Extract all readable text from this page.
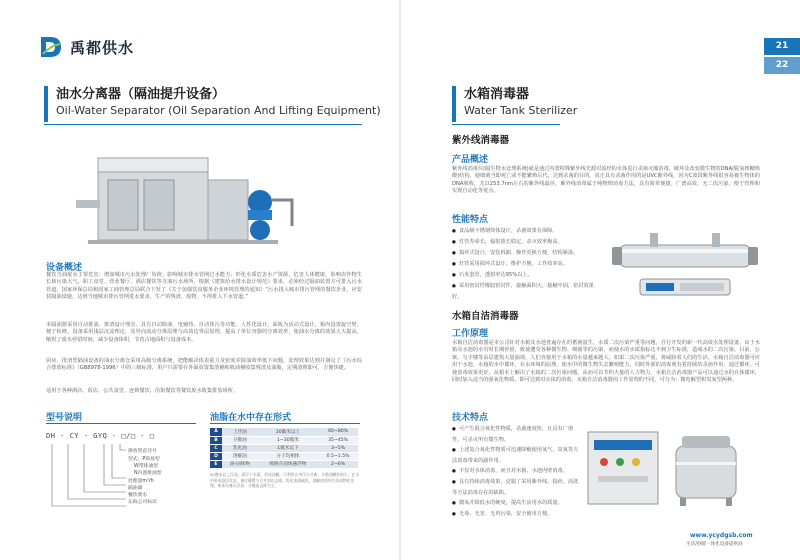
禹都供水
油水分离器（隔油提升设备）
Oil-Water Separator (Oil Separation And Lifting Equipment)
设备概述
餐饮含油废水主要危害：增加城市污水处理厂负荷；影响城市排水管网过水能力；形化水质危害水产资源，危害人体健康，影响农作物生长和污染大气。职工食堂、营业餐厅、酒店餐饮等含油污水场所，根据《建筑给水排水设计规范》要求，必须经过隔油装置方可排入污水管道。国家环保总局和国家工商管理总局联合下发了《关于加强饮食服务企业环境管理的通知》“污水排入城市排污管网的餐饮企业，应安装隔油设施，达到当地城市排污管网进水要求，生产的残渣、废物，不得排入下水管道。”
本隔油器采用自动排油、排渣设计理念，具有自动除油、电辅热、自动排污等功能。人性化设计，面板为活动式设计，箱内设置旋空壁，便于检修。设备采用浅层沉淀理论，及异向流动分离原理与高效边界层原理，提高了单位容器的分离效率，使油水分离的效果大大提高，缩短了废水停留时间，减少设备体积，节省占地面积与设备成本。
厨房、排渣型隔油设备的油水分离仓采用高级分离系统，把能解决体表重力及密度差除油效率低下问题，处理效果达到并满足了《污水综合排放标准》（GB8978-1996）中的三级标准，用户只需要在外面放置集渣桶和收油桶收集残渣及油脂，定期清理即可，方便快捷。
适用于各种酒店、饭店、公共食堂、连锁餐饮、沿街餐饮等餐饮废水收集排放场所。
型号说明
DH - CY - GYQ - □/□ - □
排放管直径号
型式：P简易型
W带排油型
N内置排油型
处理量m³/h
隔油器
餐饮废水
东海公司标识
油脂在水中存在形式
A	上浮油	30徽米以上	60~80%
B	分散油	1~30微米	35~45%
C	乳化油	1微米以下	3~5%
D	溶解油	分子均相体	0.5~1.5%
E	油-固体物	吸附在固体悬浮物	2~6%
30微米以上浮油，漂浮于水面，形成油膜，可利用自身浮力分离；分散油颗粒较小，在水中形成悬浮状态，通过静置与合并加以去除；乳化油需破乳，溶解油须经生化或物化处理，故本设备以浮油、分散油去除为主。
21
22
水箱消毒器
Water Tank Sterilizer
紫外线消毒器
产品概述
紫外线消毒仪(隔生物水处理系统)就是通过内置特殊紫外线光源对流经的水体进行杀菌灭藻消毒。破坏及改变微生物的DNA(脱氧核糖核酸)结构，使细菌当即死亡或不能繁殖后代，达到杀菌的目的。真正具有杀菌作用的是UVC紫外线，因为C波段紫外线很容易被生物体的DNA吸收，尤以253.7nm左右的紫外线最佳。紫外线消毒属于纯物理消毒方法，具有简单便捷、广谱高效、无二次污染、便于管理和实现自动化等优点。
性能特点
● 食品级不锈钢筒体设计，杀菌效果有保障。
● 灯管寿命长，辐射波长稳定，杀灭效率极高。
● 损坏式设计，安装拆卸、操作更换方便，结构紧凑。
● 灯管采用损坏式设计，维护方便，工作效率高。
● 石英套管，透射率达95%以上。
● 采用密封性橡胶密封件，接触面积大，接触牢固，密封效果好。
水箱自洁消毒器
工作原理
水箱自洁消毒器是本公司针对水箱及水池普遍存在的蓄菌滋生、水质二次污染严重等问题，自行开发的新一代高效水处理设备。由于水箱及水池的水有时长期停留，致使遭受各种微生物、细菌等的污染，而使水的水质指标达不到卫生标准，造成水的二次污染。目前，公寓、写字楼等高层建筑大量涌现，人们直接用于水箱的水量越来越大，如果二次污染严重，将威胁着人们的生活。水箱自洁消毒器可应用于水池、水箱的水中循环，在水环境的原理，使水中的微生物失去繁殖能力，同时外部的消毒剂有着持续的杀菌作用，通过循环，可使消毒效果更好，从根本上解决了水箱的二次污染问题，从而可以节约大量的人力物力。水箱自洁消毒器产品可以通过水的自体循环，同时加入适当的强氧化物质，即可达到对水体的消毒。水箱自洁消毒器因工作原理的不同，可分为：微电解型和臭氧型两种。
技术特点
● 可产生混合氧化性物质，杀菌速度快，且具有广谱性，可杀灭所有微生物。
● 上述复合氧化性物质可迅速降解使用氧气，臭氧等方法消毒带来的副作用。
● 不仅对水体消毒，而且对水箱、水池内壁消毒。
● 具有持续消毒效果，克服了采用紫外线、投药、消洗等方法消毒存在的缺陷。
● 微氧并降低水的硬度，提高生活用水的质量。
● 无毒、无害、无再污染，安全使用方便。
www.ycydgsb.com
生活/供暖一体化设备提供商
